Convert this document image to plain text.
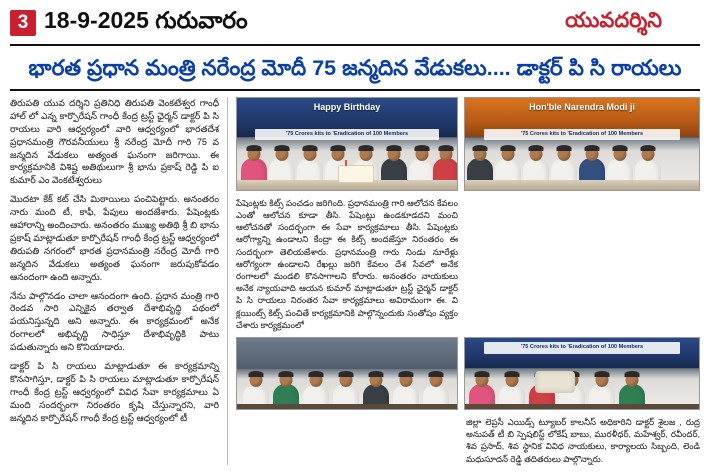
3 18-9-2025 గురువారం	యువదర్శిని
భారత ప్రధాన మంత్రి నరేంద్ర మోదీ 75 జన్మదిన వేడుకలు.... డాక్టర్ పి సి రాయలు

తిరుపతి యువ దర్శిని ప్రతినిధి తిరుపతి వెంకటేశ్వర గాంధీ హాల్ లో ఎన్న కార్పొరేషన్ గాంధీ కేంద్ర ట్రస్ట్ ఛైర్మన్ డాక్టర్ పి సి రాయలు వారి ఆధ్వర్యంలో వారి ఆధ్వర్యంలో భారతదేశ ప్రధానమంత్రి గౌరవనీయులు శ్రీ నరేంద్ర మోదీ గారి 75 వ జన్మదిన వేడుకలు అత్యంత ఘనంగా జరిగాయి. ఈ కార్యక్రమానికి విశిష్ట అతిథులుగా శ్రీ భాను ప్రకాష్ రెడ్డి పి ఐ కుమార్ ఎం వెంకటేశ్వరులు

మెుదటా కేక్ కట్ చేసి మిఠాయిలు పంచిపెట్టారు. అనంతరం నారు మంది టీ, కాఫీ, పేపులు అందజేశారు. పేషెంట్లకు ఆహారాన్ని అందించారు. అనంతరం ముఖ్య అతిథి శ్రీ బి భాను ప్రకాష్ మాట్లాడుతూ కార్పొరేషన్ గాంధీ కేంద్ర ట్రస్ట్ ఆధ్వర్యంలో తిరుపతి నగరంలో భారత ప్రధానమంత్రి నరేంద్ర మోదీ గారి జన్మదిన వేడుకలు అత్యంత ఘనంగా జరుపుకోవడం ఆనందంగా ఉంది అన్నారు.

నేను పాల్గొనడం చాలా ఆనందంగా ఉంది. ప్రధాన మంత్రి గారి రెండవ సారి ఎన్నికైన తర్వాత దేశాభివృద్ధి పథంలో పయనిస్తున్నది అని అన్నారు. ఈ కార్యక్రమంలో అనేక రంగాలలో అభివృద్ధి సాధిస్తూ దేశాభివృద్ధికి పాటు పడుతున్నారు అని కొనియాడారు.

డాక్టర్ పి సి రాయలు మాట్లాడుతూ ఈ కార్యక్రమాన్ని కొనసాగిస్తూ, డాక్టర్ పి సి రాయలు మాట్లాడుతూ కార్పొరేషన్ గాంధీ కేంద్ర ట్రస్ట్ ఆధ్వర్యంలో వివిధ సేవా కార్యక్రమాలు ఏ మంది సందర్భంగా నిరంతరం కృషి చేస్తున్నారని, వారి జన్మదిన కార్పొరేషన్ గాంధీ కేంద్ర ట్రస్ట్ ఆధ్వర్యంలో టీ

Happy Birthday
'75 Crores kits to 'Eradication of 100 Members
Hon'ble Narendra Modi ji
'75 Crores kits to 'Eradication of 100 Members
పేషెంట్లకు కిట్స్ పంచడం జరిగింది. ప్రధానమంత్రి గారి ఆలోచన కేవలం ఎంతో ఆలోచన కూడా తీసి. పేషెంట్లు ఉండకూడదని మంచి ఆలోచనతో సందర్భంగా ఈ సేవా కార్యక్రమాలు తీసి. పేషెంట్లకు ఆరోగ్యాన్ని ఉండాలని కేంద్రా ఈ కిట్స్ అందజేస్తూ నిరంతరం ఈ సందర్భంగా తెలియజేశారు. ప్రధానమంత్రి గారు నిండు నూరేళ్లు ఆరోగ్యంగా ఉండాలని రేఖల్లు జరిగి కేవలం దేశ సేవలో అనేక రంగాలలో మండలి కొనసాగాలని కోరారు. అనంతరం నాయకులు అనేక న్యాయవాది ఆయన కుమార్ మాట్లాడుతూ ట్రస్ట్ ఛైర్మన్ డాక్టర్ పి సి రాయలు నిరంతర సేవా కార్యక్రమాలు అవిరామంగా ఈ. వి క్లయింట్స్ కిట్స్ పంచితే కార్యక్రమానికి పాల్గొన్నందుకు సంతోషం వ్యక్తం చేశారు కార్యక్రమంలో
'75 Crores kits to 'Eradication of 100 Members
జిల్లా లెప్రసీ ఎయిడ్స్ ట్యూబర్ కాలనీస్ అధికారిని డాక్టర్ శైలజ , రుద్ర అనుపత్ టీ బి స్పెషలిస్ట్ లోకేష్ బాబు, మురళీధర్, మహేశ్వర్, రవీందర్, శివ ప్రసాద్, శివ స్థానిక వివిధ నాయకులు, కార్యాలయ సిబ్బంది, లెండి మధుసూదన్ రెడ్డి తదితరులు పాల్గొన్నారు.
